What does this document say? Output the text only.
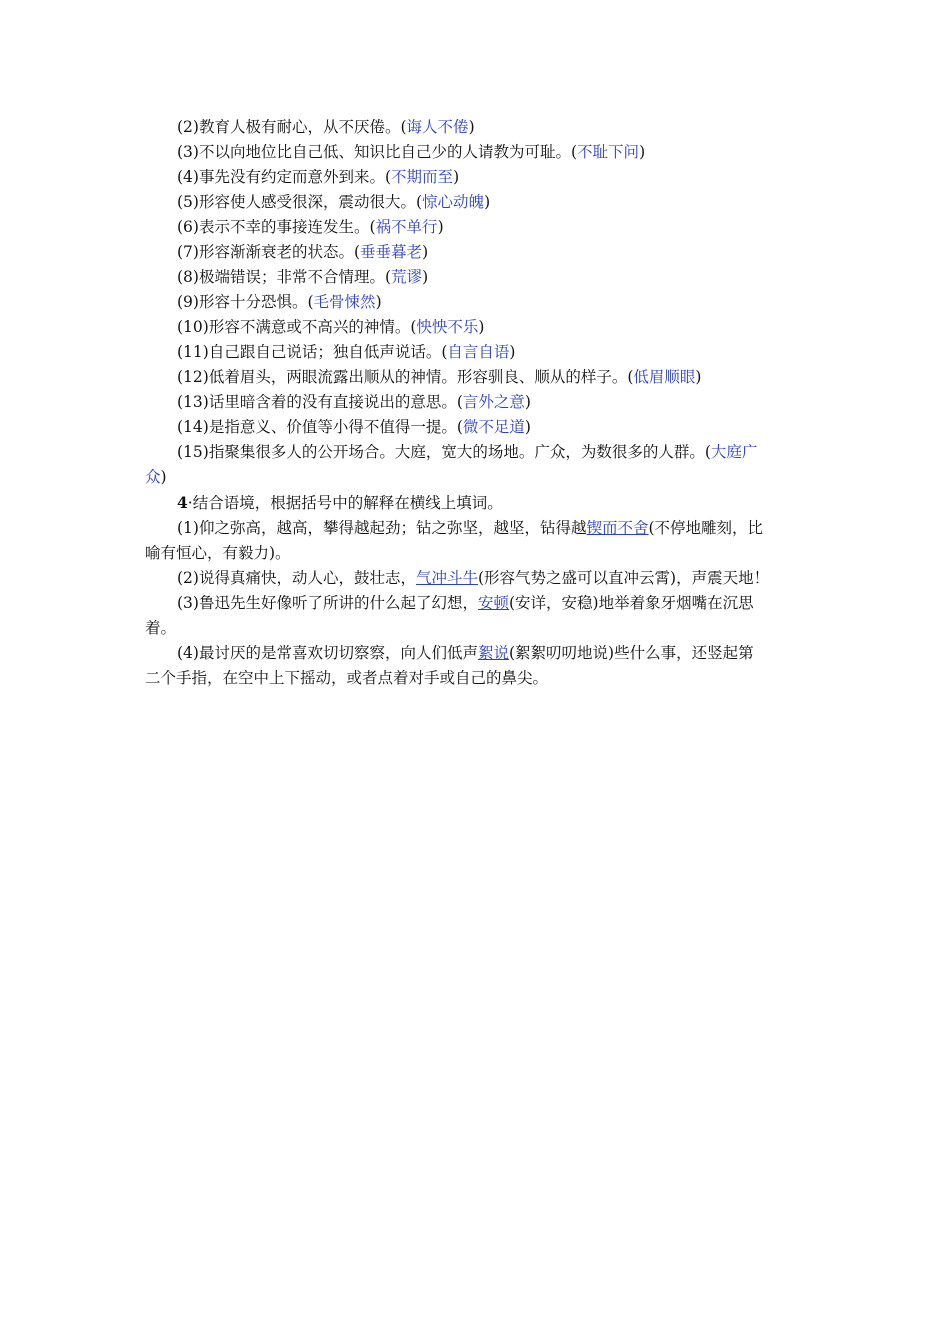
(2)教育人极有耐心，从不厌倦。(诲人不倦)

(3)不以向地位比自己低、知识比自己少的人请教为可耻。(不耻下问)

(4)事先没有约定而意外到来。(不期而至)

(5)形容使人感受很深，震动很大。(惊心动魄)

(6)表示不幸的事接连发生。(祸不单行)

(7)形容渐渐衰老的状态。(垂垂暮老)

(8)极端错误；非常不合情理。(荒谬)

(9)形容十分恐惧。(毛骨悚然)

(10)形容不满意或不高兴的神情。(怏怏不乐)

(11)自己跟自己说话；独自低声说话。(自言自语)

(12)低着眉头，两眼流露出顺从的神情。形容驯良、顺从的样子。(低眉顺眼)

(13)话里暗含着的没有直接说出的意思。(言外之意)

(14)是指意义、价值等小得不值得一提。(微不足道)

(15)指聚集很多人的公开场合。大庭，宽大的场地。广众，为数很多的人群。(大庭广

众)

4·结合语境，根据括号中的解释在横线上填词。

(1)仰之弥高，越高，攀得越起劲；钻之弥坚，越坚，钻得越锲而不舍(不停地雕刻，比

喻有恒心，有毅力)。

(2)说得真痛快，动人心，鼓壮志，气冲斗牛(形容气势之盛可以直冲云霄)，声震天地！

(3)鲁迅先生好像听了所讲的什么起了幻想，安顿(安详，安稳)地举着象牙烟嘴在沉思

着。

(4)最讨厌的是常喜欢切切察察，向人们低声絮说(絮絮叨叨地说)些什么事，还竖起第

二个手指，在空中上下摇动，或者点着对手或自己的鼻尖。
